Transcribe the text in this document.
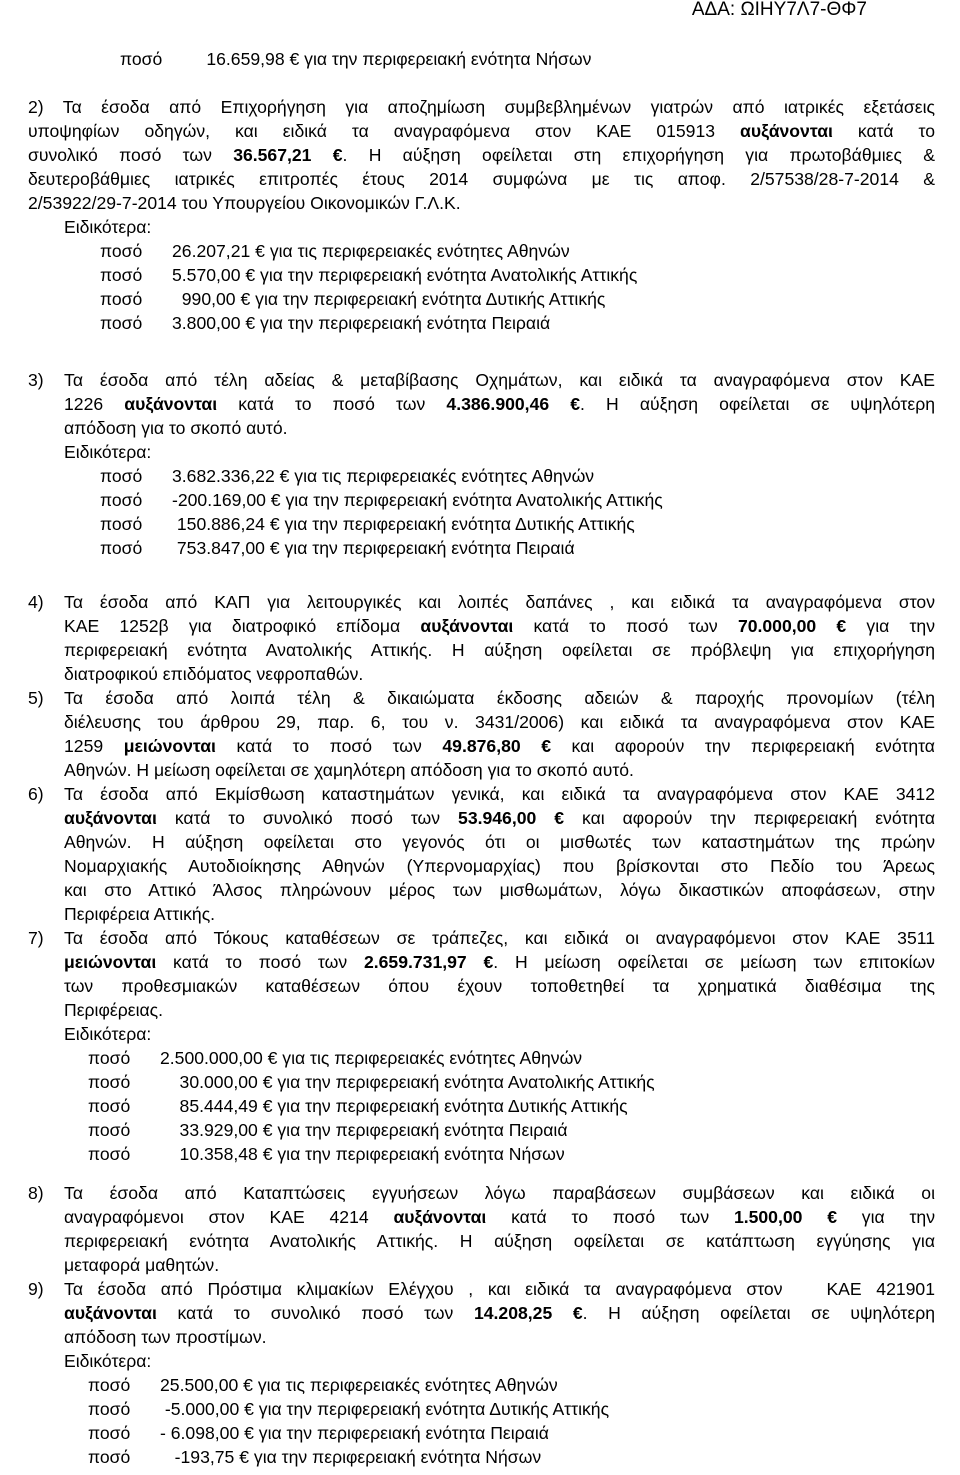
ΑΔΑ: ΩΙΗΥ7Λ7-ΘΦ7
ποσό	16.659,98 € για την περιφερειακή ενότητα Νήσων
2) Τα έσοδα από Επιχορήγηση για αποζημίωση συμβεβλημένων γιατρών από ιατρικές εξετάσεις
υποψηφίων οδηγών, και ειδικά τα αναγραφόμενα στον ΚΑΕ 015913 αυξάνονται κατά το
συνολικό ποσό των 36.567,21 €. Η αύξηση οφείλεται στη επιχορήγηση για πρωτοβάθμιες &
δευτεροβάθμιες ιατρικές επιτροπές έτους 2014 συμφώνα με τις αποφ. 2/57538/28-7-2014 &
2/53922/29-7-2014 του Υπουργείου Οικονομικών Γ.Λ.Κ.
Ειδικότερα:
ποσό	26.207,21 € για τις περιφερειακές ενότητες Αθηνών
ποσό	5.570,00 € για την περιφερειακή ενότητα Ανατολικής Αττικής
ποσό	990,00 € για την περιφερειακή ενότητα Δυτικής Αττικής
ποσό	3.800,00 € για την περιφερειακή ενότητα Πειραιά
3) Τα έσοδα από τέλη αδείας & μεταβίβασης Οχημάτων, και ειδικά τα αναγραφόμενα στον ΚΑΕ
1226 αυξάνονται κατά το ποσό των 4.386.900,46 €. Η αύξηση οφείλεται σε υψηλότερη
απόδοση για το σκοπό αυτό.
Ειδικότερα:
ποσό	3.682.336,22 € για τις περιφερειακές ενότητες Αθηνών
ποσό	-200.169,00 € για την περιφερειακή ενότητα Ανατολικής Αττικής
ποσό	150.886,24 € για την περιφερειακή ενότητα Δυτικής Αττικής
ποσό	753.847,00 € για την περιφερειακή ενότητα Πειραιά
4) Τα έσοδα από ΚΑΠ για λειτουργικές και λοιπές δαπάνες , και ειδικά τα αναγραφόμενα στον
ΚΑΕ 1252β για διατροφικό επίδομα αυξάνονται κατά το ποσό των 70.000,00 € για την
περιφερειακή ενότητα Ανατολικής Αττικής. Η αύξηση οφείλεται σε πρόβλεψη για επιχορήγηση
διατροφικού επιδόματος νεφροπαθών.
5) Τα έσοδα από λοιπά τέλη & δικαιώματα έκδοσης αδειών & παροχής προνομίων (τέλη
διέλευσης του άρθρου 29, παρ. 6, του ν. 3431/2006) και ειδικά τα αναγραφόμενα στον ΚΑΕ
1259 μειώνονται κατά το ποσό των 49.876,80 € και αφορούν την περιφερειακή ενότητα
Αθηνών. Η μείωση οφείλεται σε χαμηλότερη απόδοση για το σκοπό αυτό.
6) Τα έσοδα από Εκμίσθωση καταστημάτων γενικά, και ειδικά τα αναγραφόμενα στον ΚΑΕ 3412
αυξάνονται κατά το συνολικό ποσό των 53.946,00 € και αφορούν την περιφερειακή ενότητα
Αθηνών. Η αύξηση οφείλεται στο γεγονός ότι οι μισθωτές των καταστημάτων της πρώην
Νομαρχιακής Αυτοδιοίκησης Αθηνών (Υπερνομαρχίας) που βρίσκονται στο Πεδίο του Άρεως
και στο Αττικό Άλσος πληρώνουν μέρος των μισθωμάτων, λόγω δικαστικών αποφάσεων, στην
Περιφέρεια Αττικής.
7) Τα έσοδα από Τόκους καταθέσεων σε τράπεζες, και ειδικά οι αναγραφόμενοι στον ΚΑΕ 3511
μειώνονται κατά το ποσό των 2.659.731,97 €. Η μείωση οφείλεται σε μείωση των επιτοκίων
των προθεσμιακών καταθέσεων όπου έχουν τοποθετηθεί τα χρηματικά διαθέσιμα της
Περιφέρειας.
Ειδικότερα:
ποσό	2.500.000,00 € για τις περιφερειακές ενότητες Αθηνών
ποσό	30.000,00 € για την περιφερειακή ενότητα Ανατολικής Αττικής
ποσό	85.444,49 € για την περιφερειακή ενότητα Δυτικής Αττικής
ποσό	33.929,00 € για την περιφερειακή ενότητα Πειραιά
ποσό	10.358,48 € για την περιφερειακή ενότητα Νήσων
8) Τα έσοδα από Καταπτώσεις εγγυήσεων λόγω παραβάσεων συμβάσεων και ειδικά οι
αναγραφόμενοι στον ΚΑΕ 4214 αυξάνονται κατά το ποσό των 1.500,00 € για την
περιφερειακή ενότητα Ανατολικής Αττικής. Η αύξηση οφείλεται σε κατάπτωση εγγύησης για
μεταφορά μαθητών.
9) Τα έσοδα από Πρόστιμα κλιμακίων Ελέγχου , και ειδικά τα αναγραφόμενα στον   ΚΑΕ 421901
αυξάνονται κατά το συνολικό ποσό των 14.208,25 €. Η αύξηση οφείλεται σε υψηλότερη
απόδοση των προστίμων.
Ειδικότερα:
ποσό	25.500,00 € για τις περιφερειακές ενότητες Αθηνών
ποσό	-5.000,00 € για την περιφερειακή ενότητα Δυτικής Αττικής
ποσό	- 6.098,00 € για την περιφερειακή ενότητα Πειραιά
ποσό	-193,75 € για την περιφερειακή ενότητα Νήσων
